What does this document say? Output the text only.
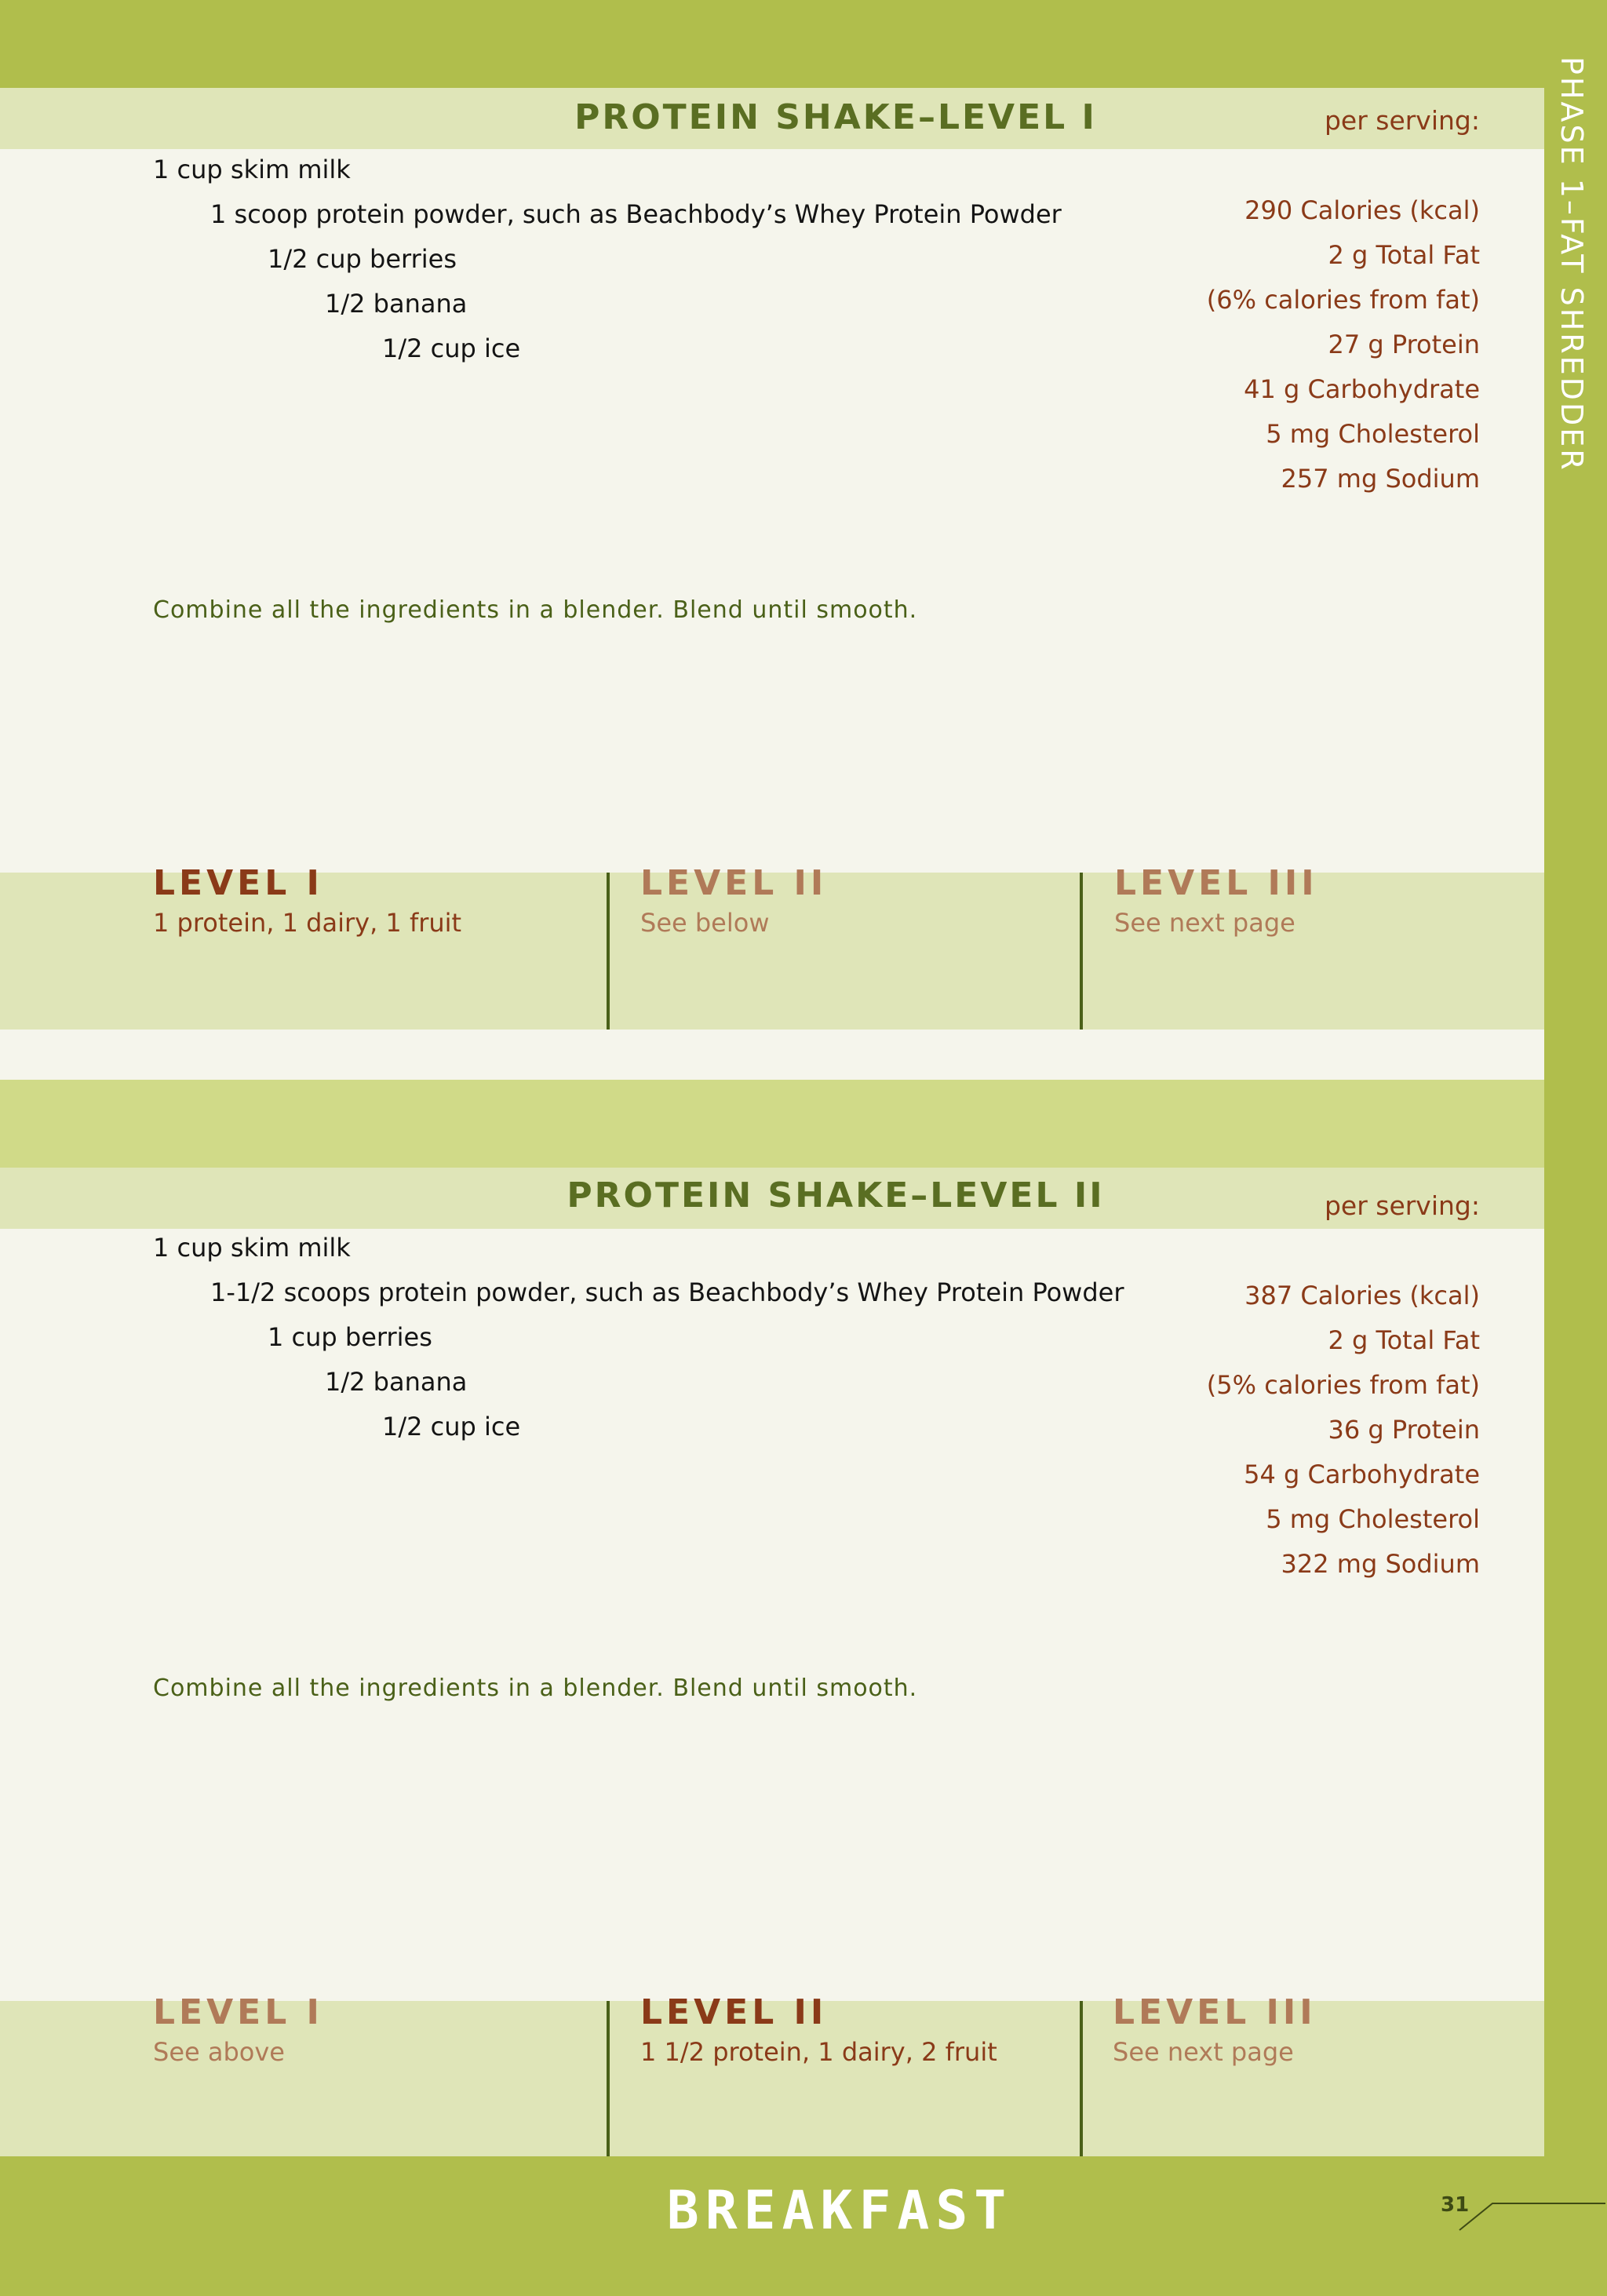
PROTEIN SHAKE–LEVEL I	per serving:
1 cup skim milk
1 scoop protein powder, such as Beachbody’s Whey Protein Powder
1/2 cup berries
1/2 banana
1/2 cup ice
290 Calories (kcal)
2 g Total Fat
(6% calories from fat)
27 g Protein
41 g Carbohydrate
5 mg Cholesterol
257 mg Sodium
Combine all the ingredients in a blender. Blend until smooth.
LEVEL I
1 protein, 1 dairy, 1 fruit
LEVEL II
See below
LEVEL III
See next page
PROTEIN SHAKE–LEVEL II	per serving:
1 cup skim milk
1-1/2 scoops protein powder, such as Beachbody’s Whey Protein Powder
1 cup berries
1/2 banana
1/2 cup ice
387 Calories (kcal)
2 g Total Fat
(5% calories from fat)
36 g Protein
54 g Carbohydrate
5 mg Cholesterol
322 mg Sodium
Combine all the ingredients in a blender. Blend until smooth.
LEVEL I
See above
LEVEL II
1 1/2 protein, 1 dairy, 2 fruit
LEVEL III
See next page
PHASE 1–FAT SHREDDER
BREAKFAST	31
